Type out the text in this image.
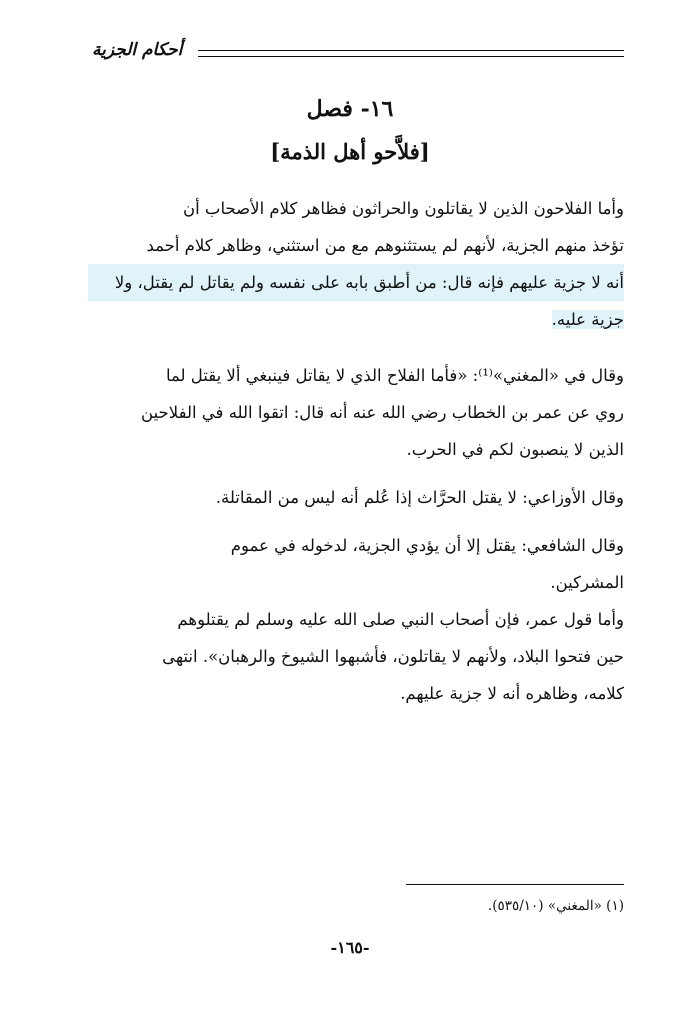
أحكام الجزية
١٦- فصل
[فلاَّحو أهل الذمة]
وأما الفلاحون الذين لا يقاتلون والحراثون فظاهر كلام الأصحاب أن
تؤخذ منهم الجزية، لأنهم لم يستثنوهم مع من استثني، وظاهر كلام أحمد
أنه لا جزية عليهم فإنه قال: من أطبق بابه على نفسه ولم يقاتل لم يقتل، ولا
جزية عليه.
وقال في «المغني»⁽¹⁾: «فأما الفلاح الذي لا يقاتل فينبغي ألا يقتل لما
روي عن عمر بن الخطاب رضي الله عنه أنه قال: اتقوا الله في الفلاحين
الذين لا ينصبون لكم في الحرب.
وقال الأوزاعي: لا يقتل الحرَّاث إذا عُلم أنه ليس من المقاتلة.
وقال الشافعي: يقتل إلا أن يؤدي الجزية، لدخوله في عموم
المشركين.
وأما قول عمر، فإن أصحاب النبي صلى الله عليه وسلم لم يقتلوهم
حين فتحوا البلاد، ولأنهم لا يقاتلون، فأشبهوا الشيوخ والرهبان». انتهى
كلامه، وظاهره أنه لا جزية عليهم.
(١) «المغني» (٥٣٥/١٠).
-١٦٥-
